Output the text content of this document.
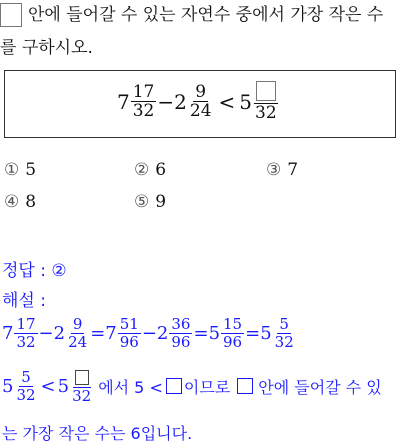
안에 들어갈 수 있는 자연수 중에서 가장 작은 수
를 구하시오.
$7 \frac{17}{32} - 2 \frac{9}{24} < 5$ 32
① 5	② 6	③ 7
④ 8	⑤ 9
정답 : ②
해설 :
$7 \frac{17}{32} - 2 \frac{9}{24} = 7 \frac{51}{96} - 2 \frac{36}{96} = 5 \frac{15}{96} = 5 \frac{5}{32}$
$5 \frac{5}{32} < 5$ 32 에서 5 < 이므로 안에 들어갈 수 있
는 가장 작은 수는 6입니다.
